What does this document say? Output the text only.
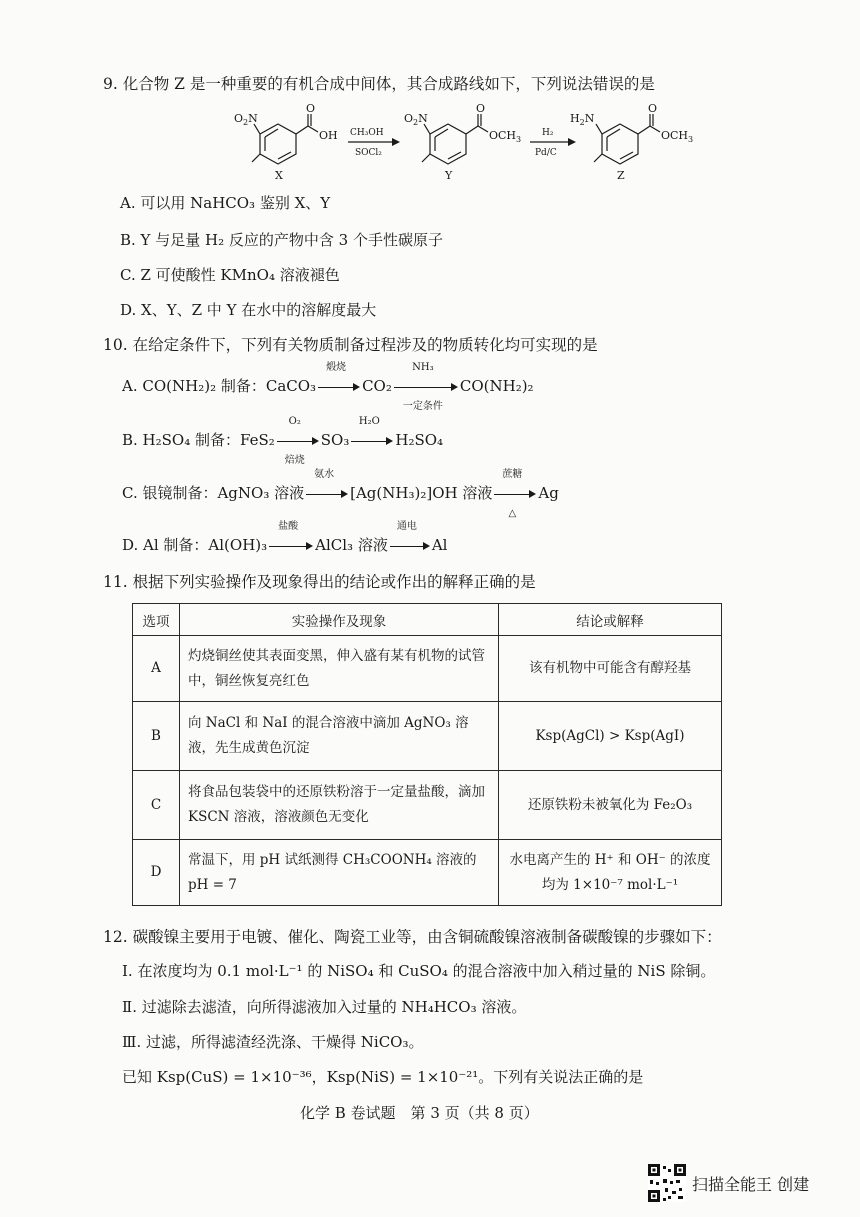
9. 化合物 Z 是一种重要的有机合成中间体，其合成路线如下，下列说法错误的是
$O_2N$
O
OH
X
CH₃OH
SOCl₂
$O_2N$
O
$OCH_3$
Y
H₂
Pd/C
$H_2N$
O
$OCH_3$
Z
A. 可以用 NaHCO₃ 鉴别 X、Y
B. Y 与足量 H₂ 反应的产物中含 3 个手性碳原子
C. Z 可使酸性 KMnO₄ 溶液褪色
D. X、Y、Z 中 Y 在水中的溶解度最大
10. 在给定条件下，下列有关物质制备过程涉及的物质转化均可实现的是
A. CO(NH₂)₂ 制备：CaCO₃
煅烧
CO₂
NH₃
一定条件
CO(NH₂)₂
B. H₂SO₄ 制备：FeS₂
O₂
焙烧
SO₃
H₂O
H₂SO₄
C. 银镜制备：AgNO₃ 溶液
氨水
[Ag(NH₃)₂]OH 溶液
蔗糖
△
Ag
D. Al 制备：Al(OH)₃
盐酸
AlCl₃ 溶液
通电
Al
11. 根据下列实验操作及现象得出的结论或作出的解释正确的是
选项	实验操作及现象	结论或解释
A	灼烧铜丝使其表面变黑，伸入盛有某有机物的试管中，铜丝恢复亮红色	该有机物中可能含有醇羟基
B	向 NaCl 和 NaI 的混合溶液中滴加 AgNO₃ 溶液，先生成黄色沉淀	Ksp(AgCl) > Ksp(AgI)
C	将食品包装袋中的还原铁粉溶于一定量盐酸，滴加 KSCN 溶液，溶液颜色无变化	还原铁粉未被氧化为 Fe₂O₃
D	常温下，用 pH 试纸测得 CH₃COONH₄ 溶液的 pH = 7	水电离产生的 H⁺ 和 OH⁻ 的浓度均为 1×10⁻⁷ mol·L⁻¹
12. 碳酸镍主要用于电镀、催化、陶瓷工业等，由含铜硫酸镍溶液制备碳酸镍的步骤如下：
Ⅰ. 在浓度均为 0.1 mol·L⁻¹ 的 NiSO₄ 和 CuSO₄ 的混合溶液中加入稍过量的 NiS 除铜。
Ⅱ. 过滤除去滤渣，向所得滤液加入过量的 NH₄HCO₃ 溶液。
Ⅲ. 过滤，所得滤渣经洗涤、干燥得 NiCO₃。
已知 Ksp(CuS) = 1×10⁻³⁶，Ksp(NiS) = 1×10⁻²¹。下列有关说法正确的是
化学 B 卷试题　第 3 页（共 8 页）
扫描全能王 创建
